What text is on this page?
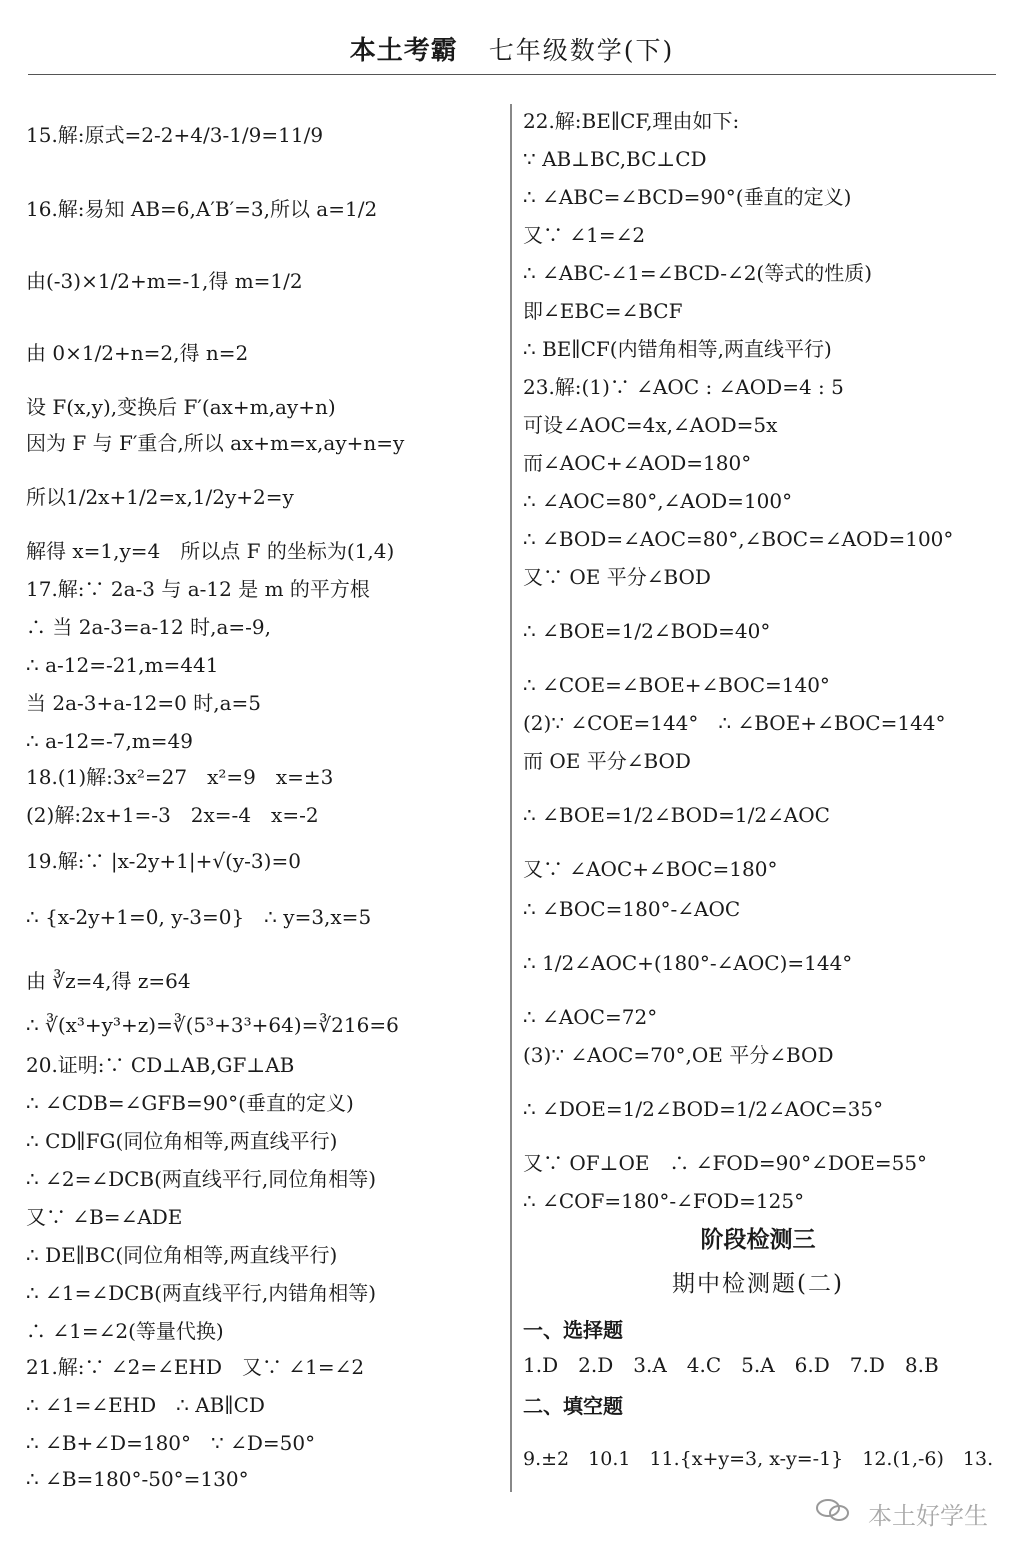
本土考霸 七年级数学(下)
15.解:原式=2-2+4/3-1/9=11/9
16.解:易知 AB=6,A′B′=3,所以 a=1/2
由(-3)×1/2+m=-1,得 m=1/2
由 0×1/2+n=2,得 n=2
设 F(x,y),变换后 F′(ax+m,ay+n)
因为 F 与 F′重合,所以 ax+m=x,ay+n=y
所以1/2x+1/2=x,1/2y+2=y
解得 x=1,y=4　所以点 F 的坐标为(1,4)
17.解:∵ 2a-3 与 a-12 是 m 的平方根
∴ 当 2a-3=a-12 时,a=-9,
∴ a-12=-21,m=441
当 2a-3+a-12=0 时,a=5
∴ a-12=-7,m=49
18.(1)解:3x²=27　x²=9　x=±3
(2)解:2x+1=-3　2x=-4　x=-2
19.解:∵ |x-2y+1|+√(y-3)=0
∴ {x-2y+1=0, y-3=0}　∴ y=3,x=5
由 ∛z=4,得 z=64
∴ ∛(x³+y³+z)=∛(5³+3³+64)=∛216=6
20.证明:∵ CD⊥AB,GF⊥AB
∴ ∠CDB=∠GFB=90°(垂直的定义)
∴ CD∥FG(同位角相等,两直线平行)
∴ ∠2=∠DCB(两直线平行,同位角相等)
又∵ ∠B=∠ADE
∴ DE∥BC(同位角相等,两直线平行)
∴ ∠1=∠DCB(两直线平行,内错角相等)
∴ ∠1=∠2(等量代换)
21.解:∵ ∠2=∠EHD　又∵ ∠1=∠2
∴ ∠1=∠EHD　∴ AB∥CD
∴ ∠B+∠D=180°　∵ ∠D=50°
∴ ∠B=180°-50°=130°
阶段检测三
期中检测题(二)
一、选择题
1.D　2.D　3.A　4.C　5.A　6.D　7.D　8.B
二、填空题
9.±2　10.1　11.{x+y=3, x-y=-1}　12.(1,-6)　13.
22.解:BE∥CF,理由如下:
∵ AB⊥BC,BC⊥CD
∴ ∠ABC=∠BCD=90°(垂直的定义)
又∵ ∠1=∠2
∴ ∠ABC-∠1=∠BCD-∠2(等式的性质)
即∠EBC=∠BCF
∴ BE∥CF(内错角相等,两直线平行)
23.解:(1)∵ ∠AOC : ∠AOD=4 : 5
可设∠AOC=4x,∠AOD=5x
而∠AOC+∠AOD=180°
∴ ∠AOC=80°,∠AOD=100°
∴ ∠BOD=∠AOC=80°,∠BOC=∠AOD=100°
又∵ OE 平分∠BOD
∴ ∠BOE=1/2∠BOD=40°
∴ ∠COE=∠BOE+∠BOC=140°
(2)∵ ∠COE=144°　∴ ∠BOE+∠BOC=144°
而 OE 平分∠BOD
∴ ∠BOE=1/2∠BOD=1/2∠AOC
又∵ ∠AOC+∠BOC=180°
∴ ∠BOC=180°-∠AOC
∴ 1/2∠AOC+(180°-∠AOC)=144°
∴ ∠AOC=72°
(3)∵ ∠AOC=70°,OE 平分∠BOD
∴ ∠DOE=1/2∠BOD=1/2∠AOC=35°
又∵ OF⊥OE　∴ ∠FOD=90°∠DOE=55°
∴ ∠COF=180°-∠FOD=125°
本土好学生
